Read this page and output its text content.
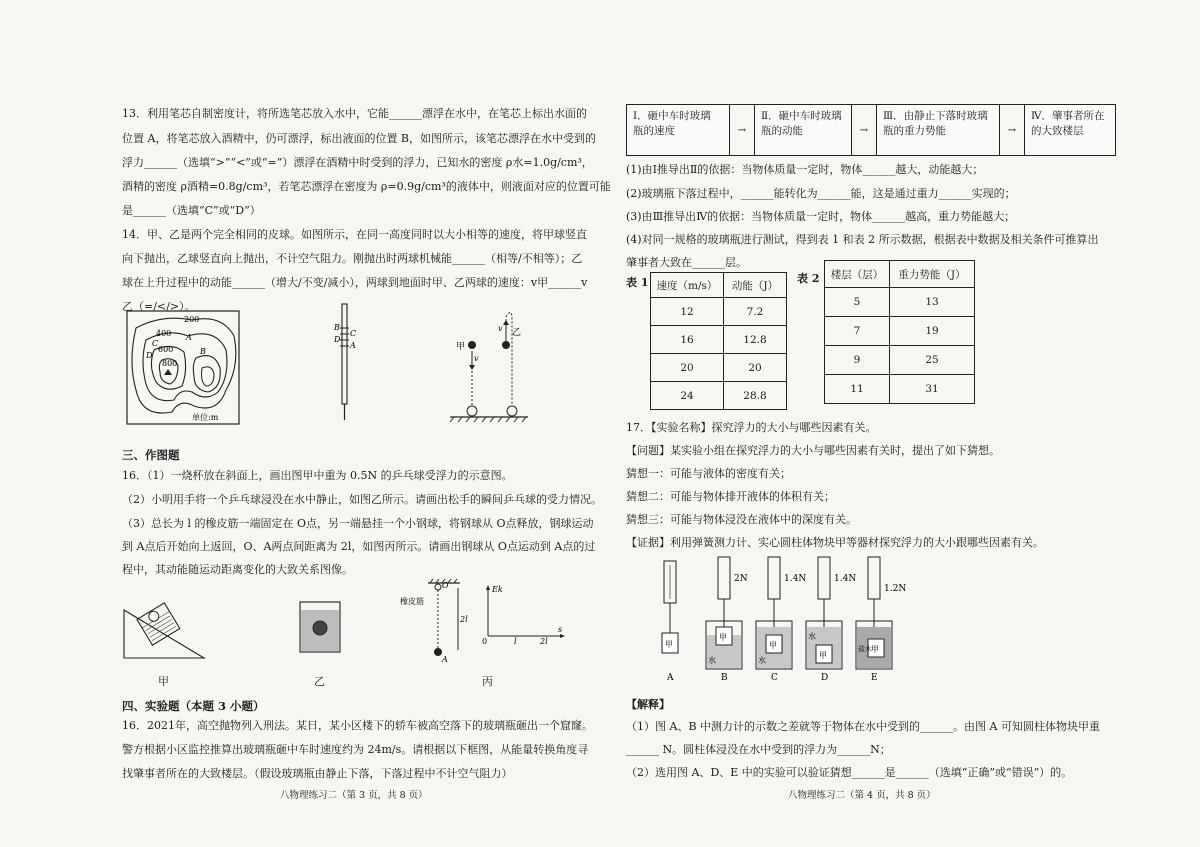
13．利用笔芯自制密度计，将所选笔芯放入水中，它能______漂浮在水中，在笔芯上标出水面的
位置 A，将笔芯放入酒精中，仍可漂浮，标出液面的位置 B，如图所示，该笔芯漂浮在水中受到的
浮力______（选填“>”“<”或“=”）漂浮在酒精中时受到的浮力，已知水的密度 ρ水=1.0g/cm³，
酒精的密度 ρ酒精=0.8g/cm³，若笔芯漂浮在密度为 ρ=0.9g/cm³的液体中，则液面对应的位置可能
是______（选填“C”或“D”）
14．甲、乙是两个完全相同的皮球。如图所示，在同一高度同时以大小相等的速度，将甲球竖直
向下抛出，乙球竖直向上抛出，不计空气阻力。刚抛出时两球机械能______（相等/不相等）；乙
球在上升过程中的动能______（增大/不变/减小），两球到地面时甲、乙两球的速度：v甲______v
乙（=/</>）。
200
400
600
800
A
B
C
D
单位:m
B
C
D
A	甲
乙
v
v
三、作图题
16．（1）一烧杯放在斜面上，画出图甲中重为 0.5N 的乒乓球受浮力的示意图。
（2）小明用手将一个乒乓球浸没在水中静止，如图乙所示。请画出松手的瞬间乒乓球的受力情况。
（3）总长为 l 的橡皮筋一端固定在 O点，另一端悬挂一个小钢球，将钢球从 O点释放，钢球运动
到 A点后开始向上返回，O、A两点间距离为 2l，如图丙所示。请画出钢球从 O点运动到 A点的过
程中，其动能随运动距离变化的大致关系图像。
O
橡皮筋
2l
A
Ek
0	l	2l
s
甲	乙	丙
四、实验题（本题 3 小题）
16．2021年，高空抛物列入刑法。某日，某小区楼下的轿车被高空落下的玻璃瓶砸出一个窟窿。
警方根据小区监控推算出玻璃瓶砸中车时速度约为 24m/s。请根据以下框图，从能量转换角度寻
找肇事者所在的大致楼层。（假设玻璃瓶由静止下落，下落过程中不计空气阻力）
八物理练习二（第 3 页，共 8 页）
Ⅰ．砸中车时玻璃
瓶的速度	→
Ⅱ．砸中车时玻璃
瓶的动能	→
Ⅲ．由静止下落时玻璃
瓶的重力势能	→
Ⅳ．肇事者所在
的大致楼层
(1)由Ⅰ推导出Ⅱ的依据：当物体质量一定时，物体______越大，动能越大；
(2)玻璃瓶下落过程中，______能转化为______能，这是通过重力______实现的；
(3)由Ⅲ推导出Ⅳ的依据：当物体质量一定时，物体______越高，重力势能越大；
(4)对同一规格的玻璃瓶进行测试，得到表 1 和表 2 所示数据，根据表中数据及相关条件可推算出
肇事者大致在______层。
表 1 速度（m/s）	动能（J）
12	7.2
16	12.8
20	20
24	28.8
表 2 楼层（层）	重力势能（J）
5	13
7	19
9	25
11	31
17．【实验名称】探究浮力的大小与哪些因素有关。
【问题】某实验小组在探究浮力的大小与哪些因素有关时，提出了如下猜想。
猜想一：可能与液体的密度有关；
猜想二：可能与物体排开液体的体积有关；
猜想三：可能与物体浸没在液体中的深度有关。
【证据】利用弹簧测力计、实心圆柱体物块甲等器材探究浮力的大小跟哪些因素有关。
甲
A
2N
甲
水
B
1.4N
甲
水
C
1.4N
甲
水
D
1.2N
甲
盐水
E
【解释】
（1）图 A、B 中测力计的示数之差就等于物体在水中受到的______。由图 A 可知圆柱体物块甲重
______ N。圆柱体浸没在水中受到的浮力为______N；
（2）选用图 A、D、E 中的实验可以验证猜想______是______（选填“正确”或“错误”）的。
八物理练习二（第 4 页，共 8 页）
